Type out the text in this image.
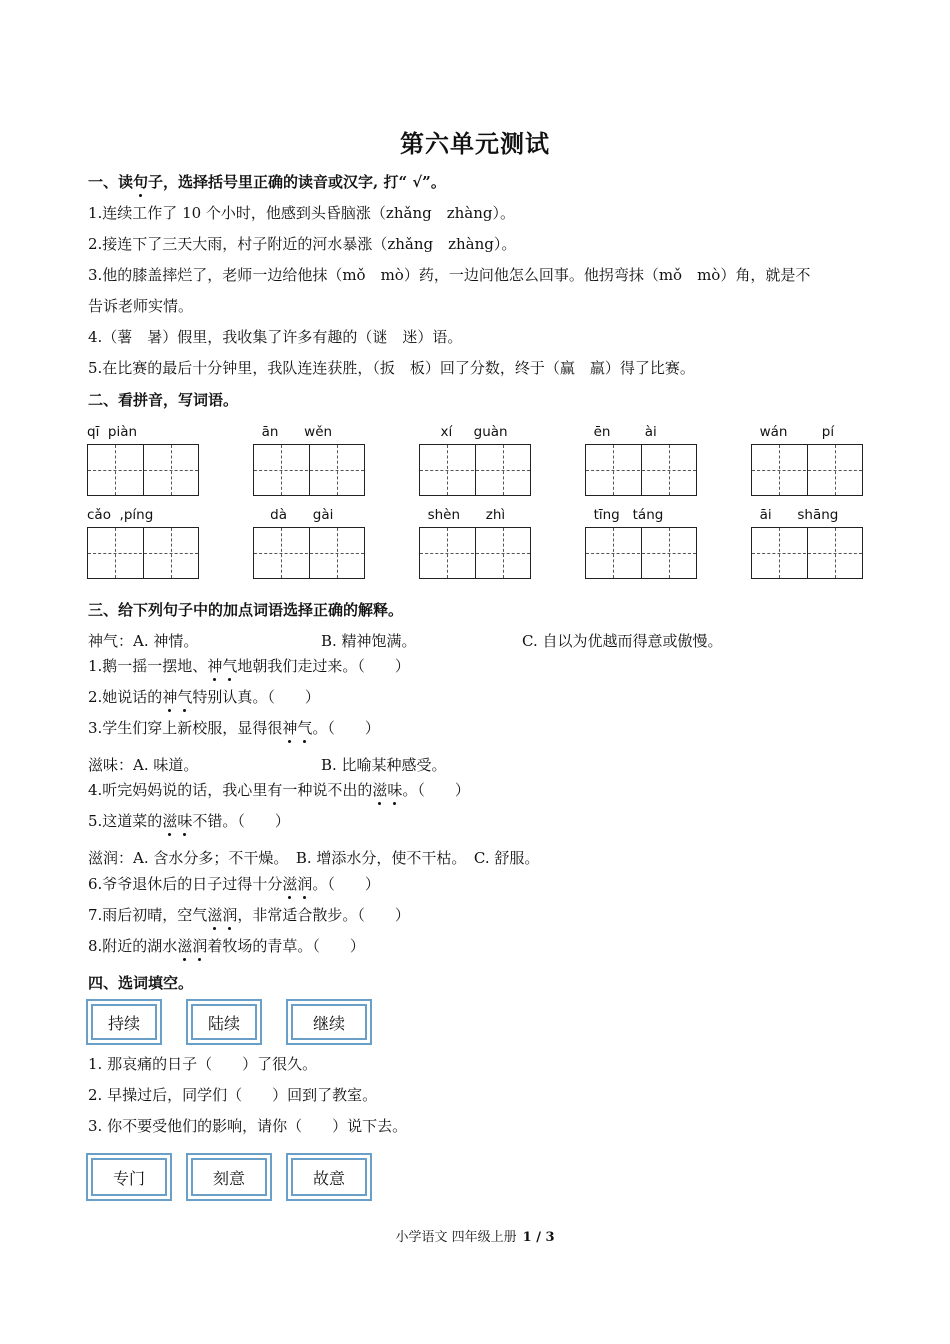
第六单元测试
一、读句子，选择括号里正确的读音或汉字, 打“ √”。
1.连续工作了 10 个小时，他感到头昏脑涨（zhǎng　zhàng）。
2.接连下了三天大雨，村子附近的河水暴涨（zhǎng　zhàng）。
3.他的膝盖摔烂了，老师一边给他抹（mǒ　mò）药，一边问他怎么回事。他拐弯抹（mǒ　mò）角，就是不
告诉老师实情。
4.（薯　暑）假里，我收集了许多有趣的（谜　迷）语。
5.在比赛的最后十分钟里，我队连连获胜，（扳　板）回了分数，终于（赢　羸）得了比赛。
二、看拼音，写词语。
qī  piàn	ān      wěn	xí     guàn	ēn        ài	wán        pí
cǎo  ,píng	dà      gài	shèn      zhì	tīng   táng	āi      shāng
三、给下列句子中的加点词语选择正确的解释。
神气：A. 神情。	B. 精神饱满。	C. 自以为优越而得意或傲慢。
1.鹅一摇一摆地、神气地朝我们走过来。（　　）
2.她说话的神气特别认真。（　　）
3.学生们穿上新校服，显得很神气。（　　）
滋味：A. 味道。	B. 比喻某种感受。
4.听完妈妈说的话，我心里有一种说不出的滋味。（　　）
5.这道菜的滋味不错。（　　）
滋润：A. 含水分多；不干燥。　B. 增添水分，使不干枯。　C. 舒服。
6.爷爷退休后的日子过得十分滋润。（　　）
7.雨后初晴，空气滋润，非常适合散步。（　　）
8.附近的湖水滋润着牧场的青草。（　　）
四、选词填空。
持续	陆续	继续
1. 那哀痛的日子（　　）了很久。
2. 早操过后，同学们（　　）回到了教室。
3. 你不要受他们的影响，请你（　　）说下去。
专门	刻意	故意
小学语文 四年级上册 1 / 3
